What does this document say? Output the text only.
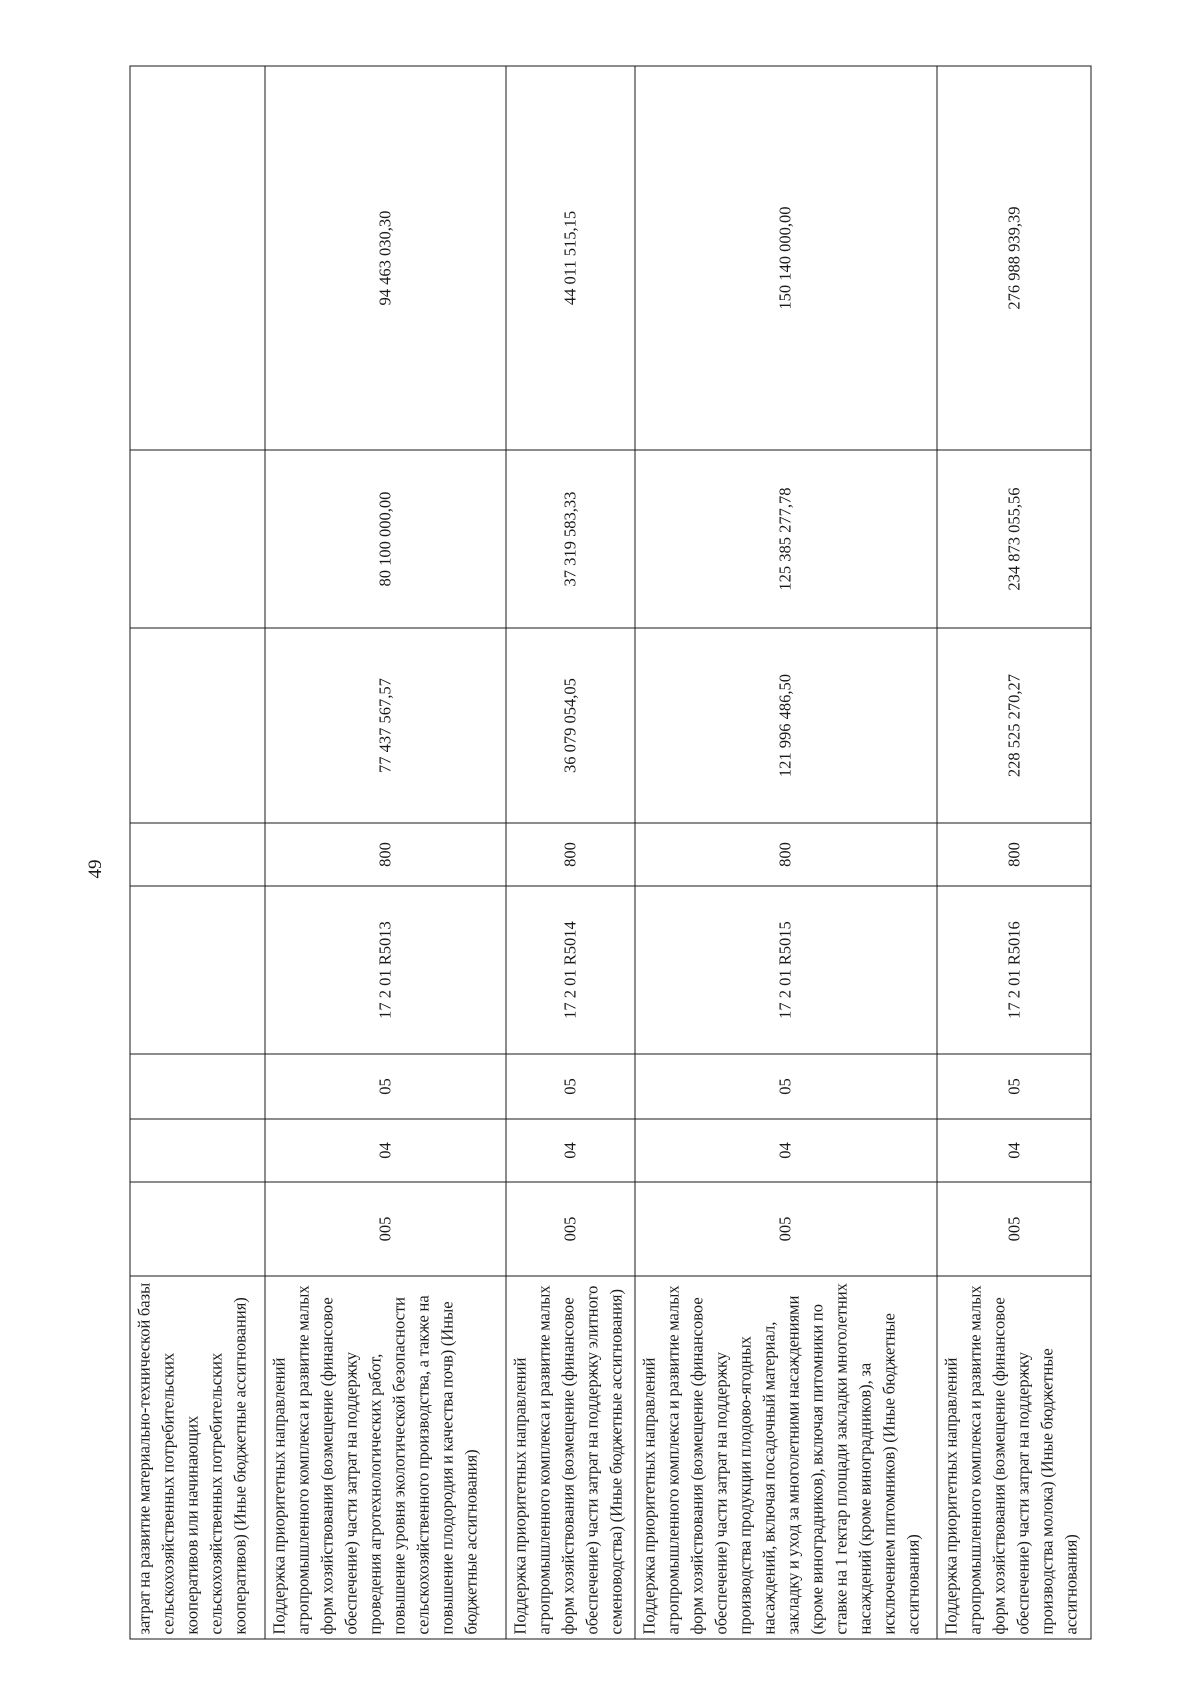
49
затрат на развитие материально-технической базы сельскохозяйственных потребительских кооперативов или начинающих сельскохозяйственных потребительских кооперативов) (Иные бюджетные ассигнования)								
Поддержка приоритетных направлений агропромышленного комплекса и развитие малых форм хозяйствования (возмещение (финансовое обеспечение) части затрат на поддержку проведения агротехнологических работ, повышение уровня экологической безопасности сельскохозяйственного производства, а также на повышение плодородия и качества почв) (Иные бюджетные ассигнования)	005	04	05	17 2 01 R5013	800	77 437 567,57	80 100 000,00	94 463 030,30
Поддержка приоритетных направлений агропромышленного комплекса и развитие малых форм хозяйствования (возмещение (финансовое обеспечение) части затрат на поддержку элитного семеноводства) (Иные бюджетные ассигнования)	005	04	05	17 2 01 R5014	800	36 079 054,05	37 319 583,33	44 011 515,15
Поддержка приоритетных направлений агропромышленного комплекса и развитие малых форм хозяйствования (возмещение (финансовое обеспечение) части затрат на поддержку производства продукции плодово-ягодных насаждений, включая посадочный материал, закладку и уход за многолетними насаждениями (кроме виноградников), включая питомники по ставке на 1 гектар площади закладки многолетних насаждений (кроме виноградников), за исключением питомников) (Иные бюджетные ассигнования)	005	04	05	17 2 01 R5015	800	121 996 486,50	125 385 277,78	150 140 000,00
Поддержка приоритетных направлений агропромышленного комплекса и развитие малых форм хозяйствования (возмещение (финансовое обеспечение) части затрат на поддержку производства молока) (Иные бюджетные ассигнования)	005	04	05	17 2 01 R5016	800	228 525 270,27	234 873 055,56	276 988 939,39
